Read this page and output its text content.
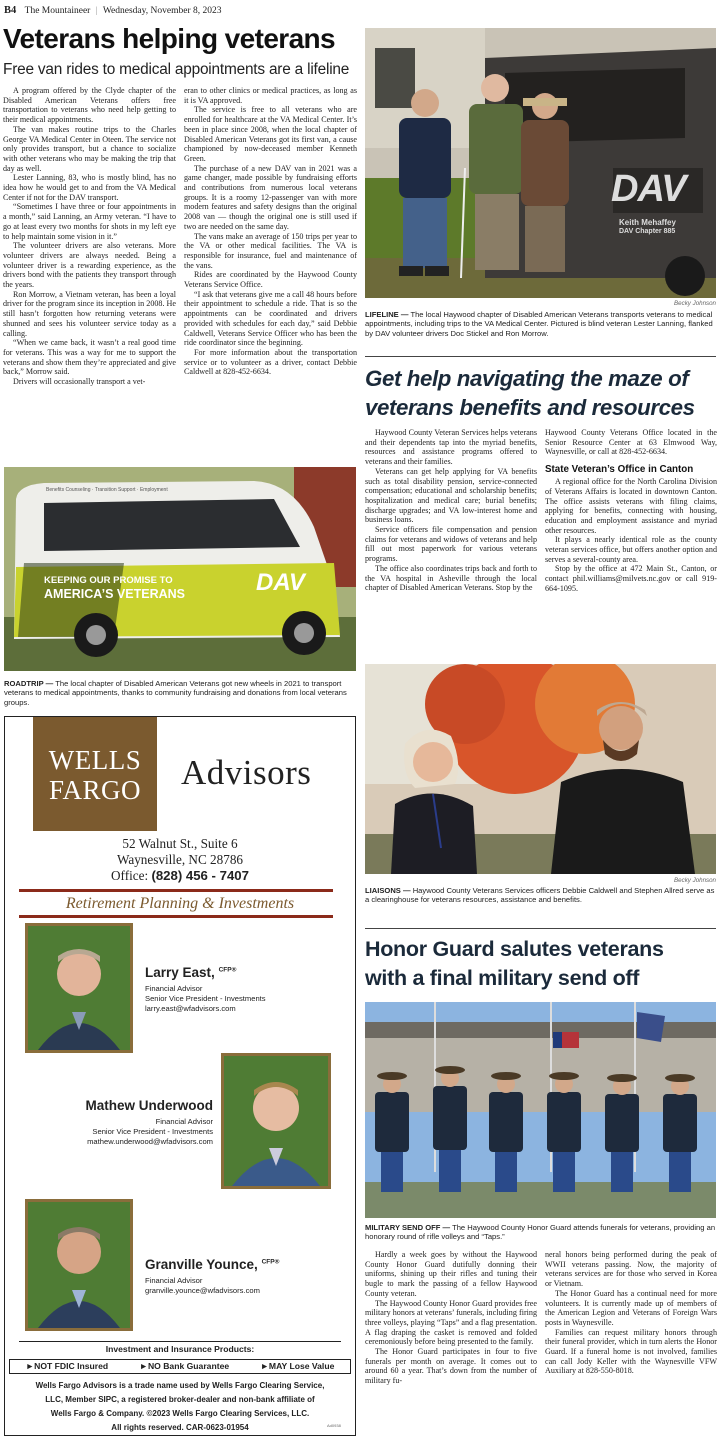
B4 The Mountaineer | Wednesday, November 8, 2023
Veterans helping veterans
Free van rides to medical appointments are a lifeline

A program offered by the Clyde chapter of the Disabled American Veterans offers free transportation to veterans who need help getting to their medical appointments.

The van makes routine trips to the Charles George VA Medical Center in Oteen. The service not only provides transport, but a chance to socialize with other veterans who may be making the trip that day as well.

Lester Lanning, 83, who is mostly blind, has no idea how he would get to and from the VA Medical Center if not for the DAV transport.

“Sometimes I have three or four appointments in a month,” said Lanning, an Army veteran. “I have to go at least every two months for shots in my left eye to help maintain some vision in it.”

The volunteer drivers are also veterans. More volunteer drivers are always needed. Being a volunteer driver is a rewarding experience, as the drivers bond with the patients they transport through the years.

Ron Morrow, a Vietnam veteran, has been a loyal driver for the program since its inception in 2008. He still hasn’t forgotten how returning veterans were shunned and sees his volunteer service today as a calling.

“When we came back, it wasn’t a real good time for veterans. This was a way for me to support the veterans and show them they’re appreciated and give back,” Morrow said.

Drivers will occasionally transport a vet-

eran to other clinics or medical practices, as long as it is VA approved.

The service is free to all veterans who are enrolled for healthcare at the VA Medical Center. It’s been in place since 2008, when the local chapter of Disabled American Veterans got its first van, a cause championed by now-deceased member Kenneth Green.

The purchase of a new DAV van in 2021 was a game changer, made possible by fundraising efforts and contributions from numerous local veterans groups. It is a roomy 12-passenger van with more modern features and safety designs than the original 2008 van — though the original one is still used if two are needed on the same day.

The vans make an average of 150 trips per year to the VA or other medical facilities. The VA is responsible for insurance, fuel and maintenance of the vans.

Rides are coordinated by the Haywood County Veterans Service Office.

“I ask that veterans give me a call 48 hours before their appointment to schedule a ride. That is so the appointments can be coordinated and drivers provided with schedules for each day,” said Debbie Caldwell, Veterans Service Officer who has been the ride coordinator since the beginning.

For more information about the transportation service or to volunteer as a driver, contact Debbie Caldwell at 828-452-6634.

DAV
Keith Mehaffey
DAV Chapter 885
Becky Johnson
LIFELINE — The local Haywood chapter of Disabled American Veterans transports veterans to medical appointments, including trips to the VA Medical Center. Pictured is blind veteran Lester Lanning, flanked by DAV volunteer drivers Doc Stickel and Ron Morrow.
Benefits Counseling · Transition Support · Employment
KEEPING OUR PROMISE TO
AMERICA’S VETERANS	DAV
ROADTRIP — The local chapter of Disabled American Veterans got new wheels in 2021 to transport veterans to medical appointments, thanks to community fundraising and donations from local veterans groups.
Get help navigating the maze of
veterans benefits and resources

Haywood County Veteran Services helps veterans and their dependents tap into the myriad benefits, resources and assistance programs offered to veterans and their families.

Veterans can get help applying for VA benefits such as total disability pension, service-connected compensation; educational and scholarship benefits; hospitalization and medical care; burial benefits; discharge upgrades; and VA low-interest home and business loans.

Service officers file compensation and pension claims for veterans and widows of veterans and help fill out most paperwork for various veterans programs.

The office also coordinates trips back and forth to the VA hospital in Asheville through the local chapter of Disabled American Veterans. Stop by the

Haywood County Veterans Office located in the Senior Resource Center at 63 Elmwood Way, Waynesville, or call at 828-452-6634.

State Veteran’s Office in Canton

A regional office for the North Carolina Division of Veterans Affairs is located in downtown Canton. The office assists veterans with filing claims, applying for benefits, connecting with housing, education and employment assistance and myriad other resources.

It plays a nearly identical role as the county veteran services office, but offers another option and serves a several-county area.

Stop by the office at 472 Main St., Canton, or contact phil.williams@milvets.nc.gov or call 919-664-1095.

Becky Johnson
LIAISONS — Haywood County Veterans Services officers Debbie Caldwell and Stephen Allred serve as a clearinghouse for veterans resources, assistance and benefits.
Honor Guard salutes veterans
with a final military send off
MILITARY SEND OFF — The Haywood County Honor Guard attends funerals for veterans, providing an honorary round of rifle volleys and “Taps.”

Hardly a week goes by without the Haywood County Honor Guard dutifully donning their uniforms, shining up their rifles and tuning their bugle to mark the passing of a fellow Haywood County veteran.

The Haywood County Honor Guard provides free military honors at veterans’ funerals, including firing three volleys, playing “Taps” and a flag presentation. A flag draping the casket is removed and folded ceremoniously before being presented to the family.

The Honor Guard participates in four to five funerals per month on average. It comes out to around 60 a year. That’s down from the number of military fu-

neral honors being performed during the peak of WWII veterans passing. Now, the majority of veterans services are for those who served in Korea or Vietnam.

The Honor Guard has a continual need for more volunteers. It is currently made up of members of the American Legion and Veterans of Foreign Wars posts in Waynesville.

Families can request military honors through their funeral provider, which in turn alerts the Honor Guard. If a funeral home is not involved, families can call Jody Keller with the Waynesville VFW Auxiliary at 828-550-8018.

WELLS
FARGO	Advisors
52 Walnut St., Suite 6
Waynesville, NC 28786
Office: (828) 456 - 7407
Retirement Planning & Investments
Larry East, $^{CFP®}$
Financial Advisor
Senior Vice President - Investments
larry.east@wfadvisors.com
Mathew Underwood
Financial Advisor
Senior Vice President - Investments
mathew.underwood@wfadvisors.com
Granville Younce, $^{CFP®}$
Financial Advisor
granville.younce@wfadvisors.com
Investment and Insurance Products:
►NOT FDIC Insured	►NO Bank Guarantee	►MAY Lose Value
Wells Fargo Advisors is a trade name used by Wells Fargo Clearing Service,
LLC, Member SIPC, a registered broker-dealer and non-bank affiliate of
Wells Fargo & Company. ©2023 Wells Fargo Clearing Services, LLC.
All rights reserved. CAR-0623-01954	Ad0938
